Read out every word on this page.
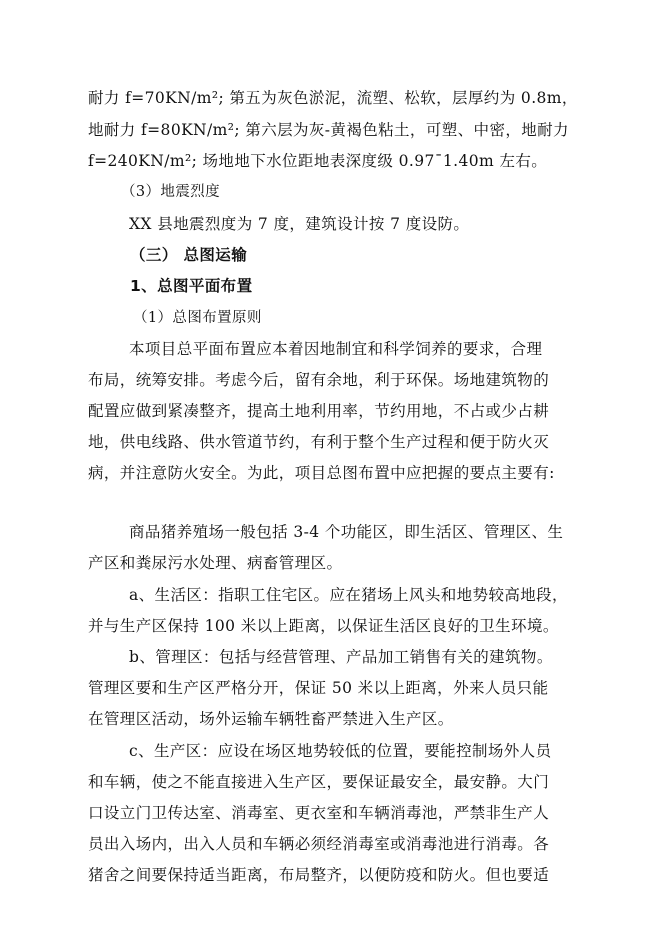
耐力 f=70KN/m²; 第五为灰色淤泥，流塑、松软，层厚约为 0.8m，
地耐力 f=80KN/m²; 第六层为灰-黄褐色粘土，可塑、中密，地耐力
f=240KN/m²; 场地地下水位距地表深度级 0.97¯1.40m 左右。
（3）地震烈度
XX 县地震烈度为 7 度，建筑设计按 7 度设防。
（三） 总图运输
1、总图平面布置
（1）总图布置原则
本项目总平面布置应本着因地制宜和科学饲养的要求，合理
布局，统筹安排。考虑今后，留有余地，利于环保。场地建筑物的
配置应做到紧凑整齐，提高土地利用率，节约用地，不占或少占耕
地，供电线路、供水管道节约，有利于整个生产过程和便于防火灭
病，并注意防火安全。为此，项目总图布置中应把握的要点主要有:
商品猪养殖场一般包括 3-4 个功能区，即生活区、管理区、生
产区和粪尿污水处理、病畜管理区。
a、生活区：指职工住宅区。应在猪场上风头和地势较高地段，
并与生产区保持 100 米以上距离，以保证生活区良好的卫生环境。
b、管理区：包括与经营管理、产品加工销售有关的建筑物。
管理区要和生产区严格分开，保证 50 米以上距离，外来人员只能
在管理区活动，场外运输车辆牲畜严禁进入生产区。
c、生产区：应设在场区地势较低的位置，要能控制场外人员
和车辆，使之不能直接进入生产区，要保证最安全，最安静。大门
口设立门卫传达室、消毒室、更衣室和车辆消毒池，严禁非生产人
员出入场内，出入人员和车辆必须经消毒室或消毒池进行消毒。各
猪舍之间要保持适当距离，布局整齐，以便防疫和防火。但也要适
